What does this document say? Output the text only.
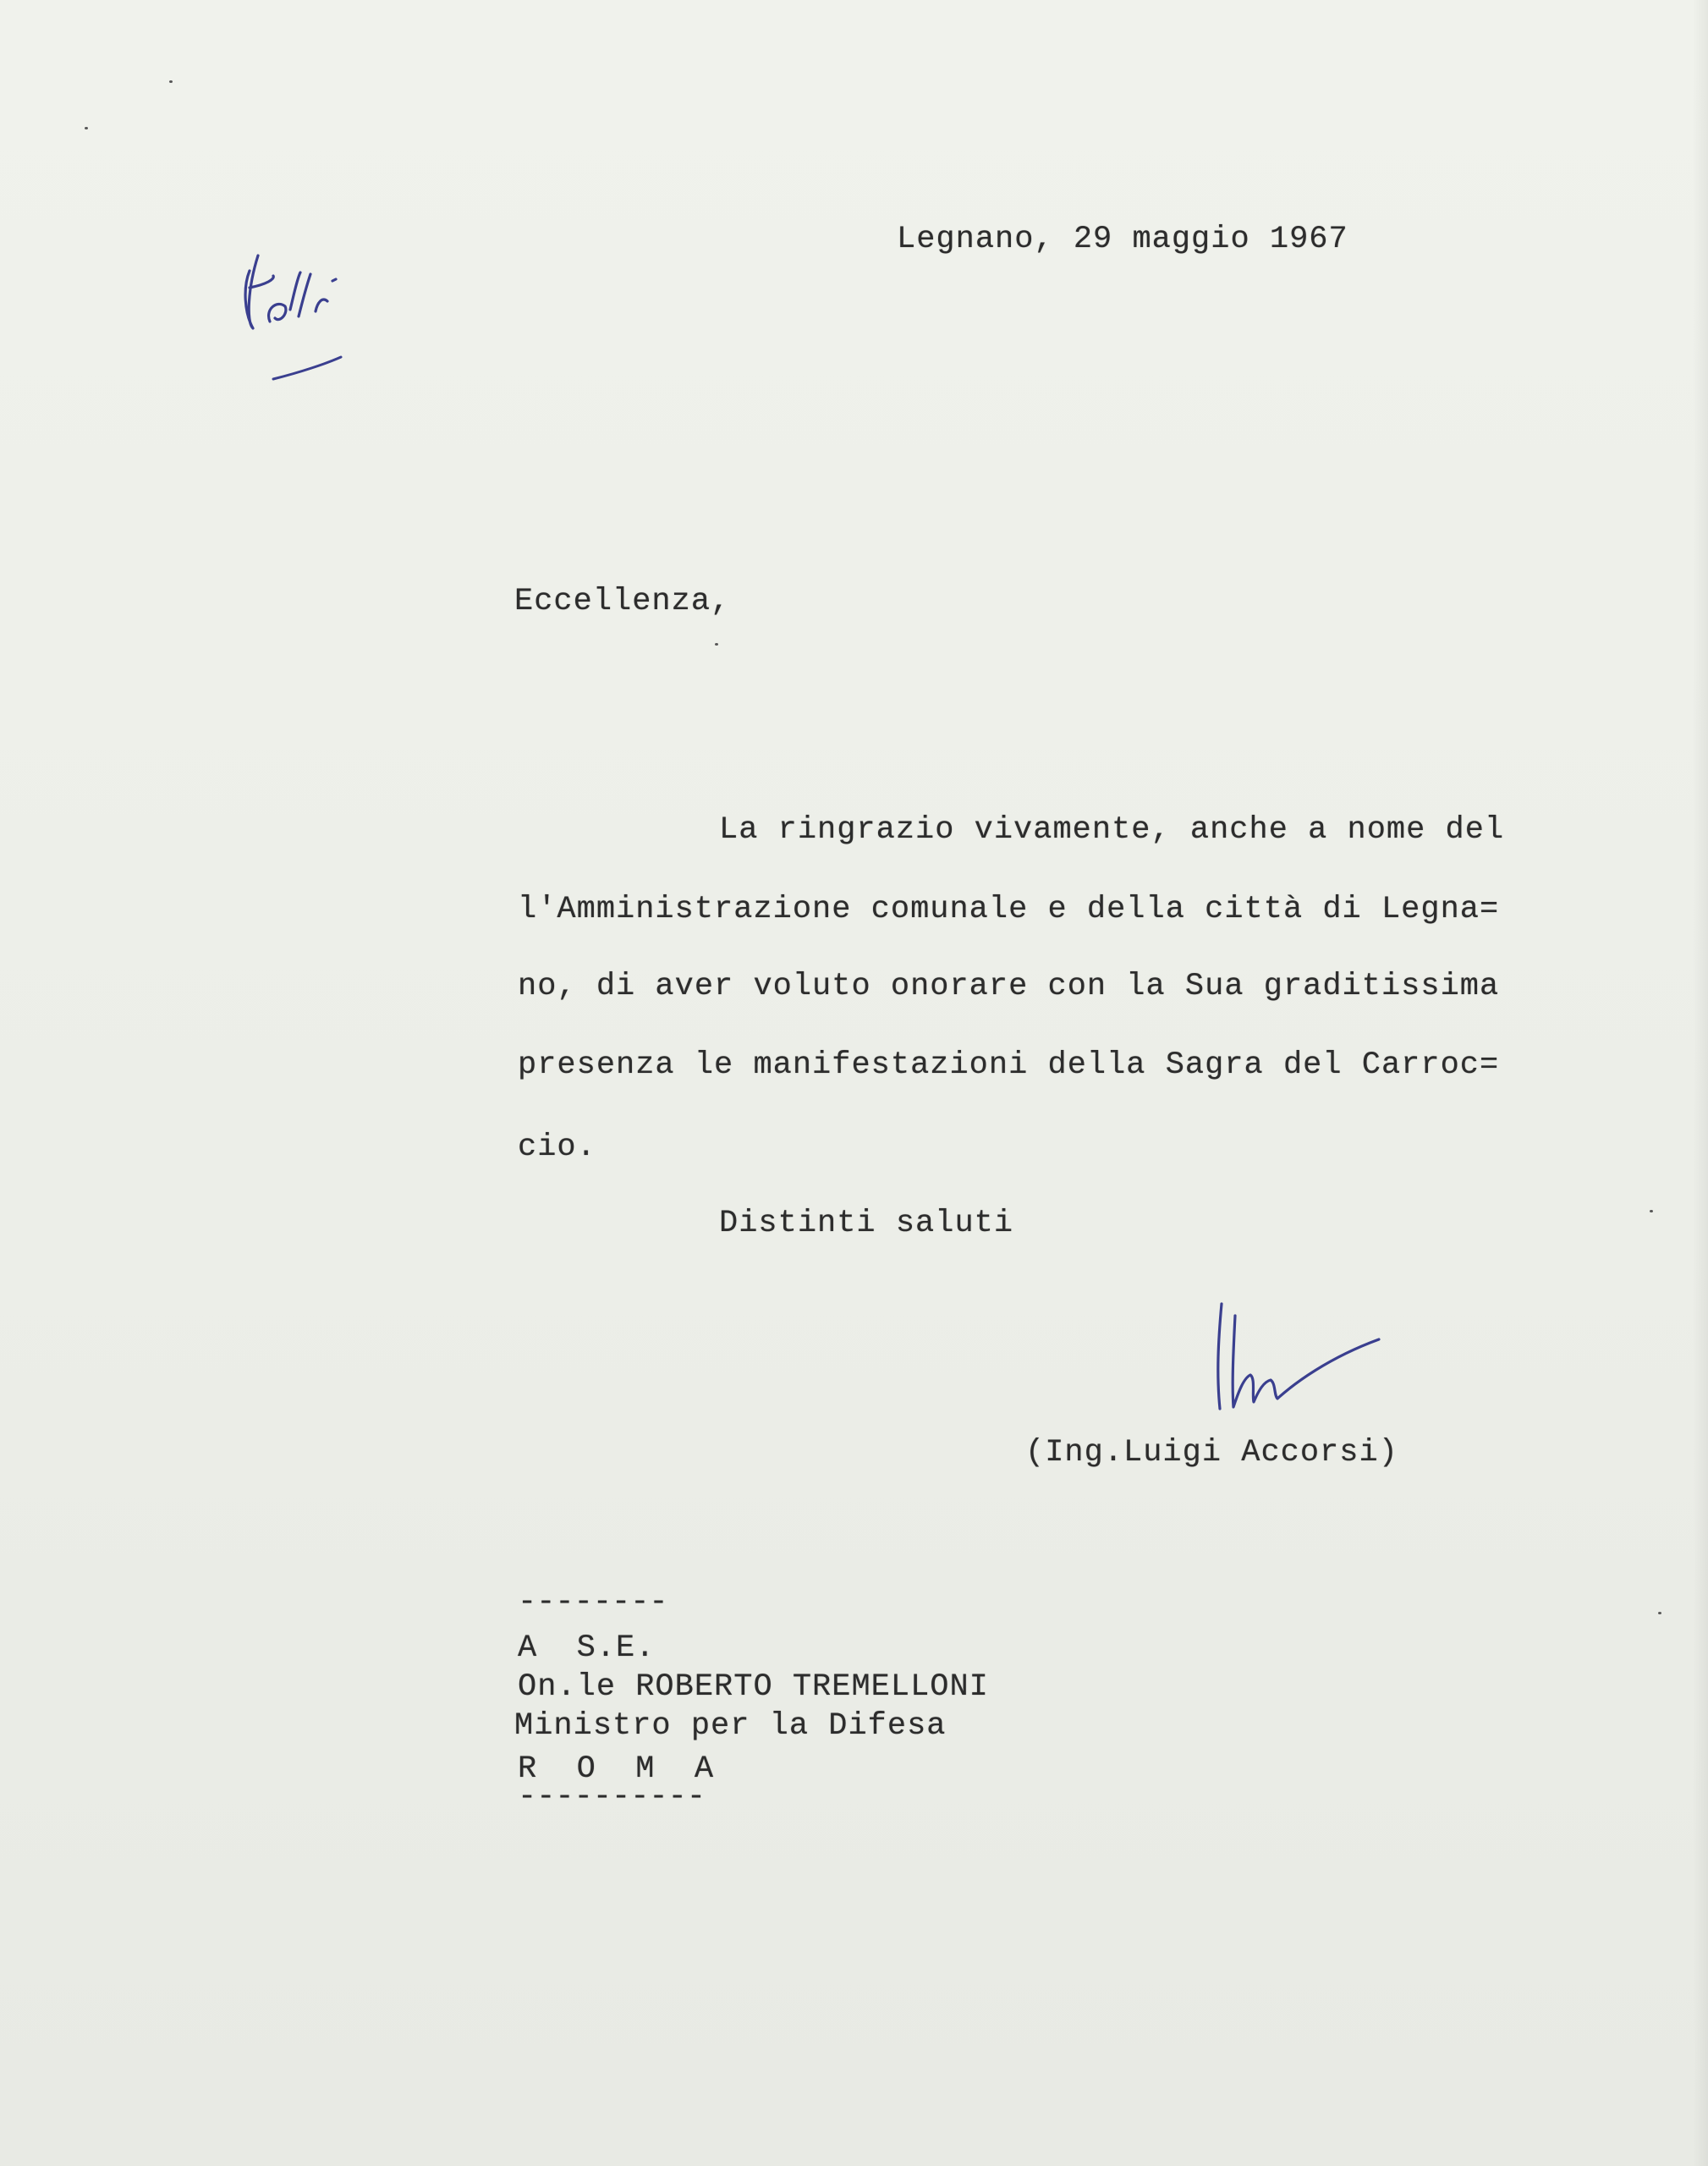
Legnano, 29 maggio 1967
Eccellenza,
La ringrazio vivamente, anche a nome del
l'Amministrazione comunale e della città di Legna=
no, di aver voluto onorare con la Sua graditissima
presenza le manifestazioni della Sagra del Carroc=
cio.
Distinti saluti
(Ing.Luigi Accorsi)
--------
A  S.E.
On.le ROBERTO TREMELLONI
Ministro per la Difesa
R  O  M  A
----------
